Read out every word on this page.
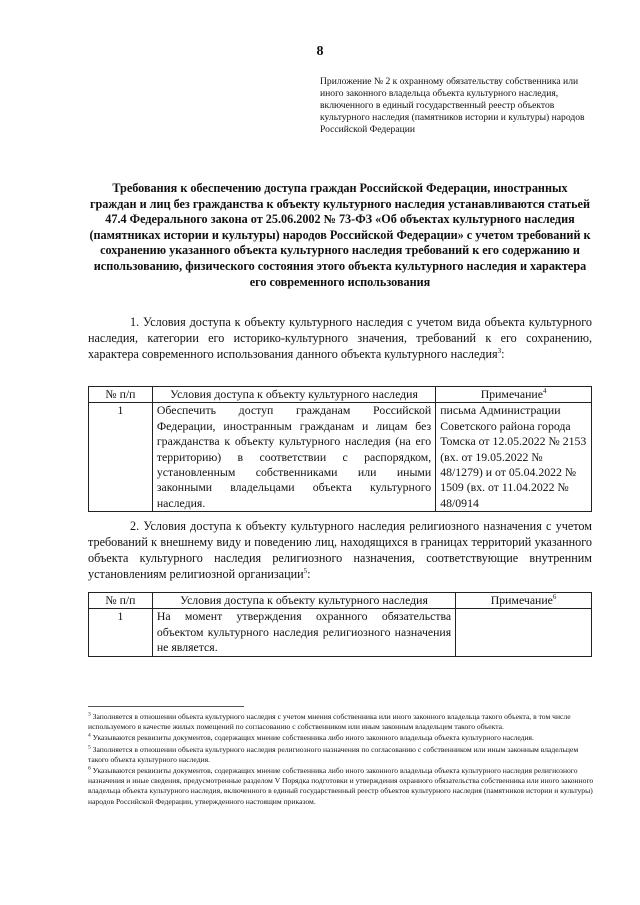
8
Приложение № 2 к охранному обязательству собственника или иного законного владельца объекта культурного наследия, включенного в единый государственный реестр объектов культурного наследия (памятников истории и культуры) народов Российской Федерации
Требования к обеспечению доступа граждан Российской Федерации, иностранных граждан и лиц без гражданства к объекту культурного наследия устанавливаются статьей 47.4 Федерального закона от 25.06.2002 № 73-ФЗ «Об объектах культурного наследия (памятниках истории и культуры) народов Российской Федерации» с учетом требований к сохранению указанного объекта культурного наследия требований к его содержанию и использованию, физического состояния этого объекта культурного наследия и характера его современного использования
1. Условия доступа к объекту культурного наследия с учетом вида объекта культурного наследия, категории его историко-культурного значения, требований к его сохранению, характера современного использования данного объекта культурного наследия$^3$:
№ п/п	Условия доступа к объекту культурного наследия	Примечание$^4$
1	Обеспечить доступ гражданам Российской Федерации, иностранным гражданам и лицам без гражданства к объекту культурного наследия (на его территорию) в соответствии с распорядком, установленным собственниками или иными законными владельцами объекта культурного наследия.	письма Администрации Советского района города Томска от 12.05.2022 № 2153 (вх. от 19.05.2022 № 48/1279) и от 05.04.2022 № 1509 (вх. от 11.04.2022 № 48/0914
2. Условия доступа к объекту культурного наследия религиозного назначения с учетом требований к внешнему виду и поведению лиц, находящихся в границах территорий указанного объекта культурного наследия религиозного назначения, соответствующие внутренним установлениям религиозной организации$^5$:
№ п/п	Условия доступа к объекту культурного наследия	Примечание$^6$
1	На момент утверждения охранного обязательства объектом культурного наследия религиозного назначения не является.	

$^3$ Заполняется в отношении объекта культурного наследия с учетом мнения собственника или иного законного владельца такого объекта, в том числе используемого в качестве жилых помещений по согласованию с собственником или иным законным владельцем такого объекта.

$^4$ Указываются реквизиты документов, содержащих мнение собственника либо иного законного владельца объекта культурного наследия.

$^5$ Заполняется в отношении объекта культурного наследия религиозного назначения по согласованию с собственником или иным законным владельцем такого объекта культурного наследия.

$^6$ Указываются реквизиты документов, содержащих мнение собственника либо иного законного владельца объекта культурного наследия религиозного назначения и иные сведения, предусмотренные разделом V Порядка подготовки и утверждения охранного обязательства собственника или иного законного владельца объекта культурного наследия, включенного в единый государственный реестр объектов культурного наследия (памятников истории и культуры) народов Российской Федерации, утвержденного настоящим приказом.
